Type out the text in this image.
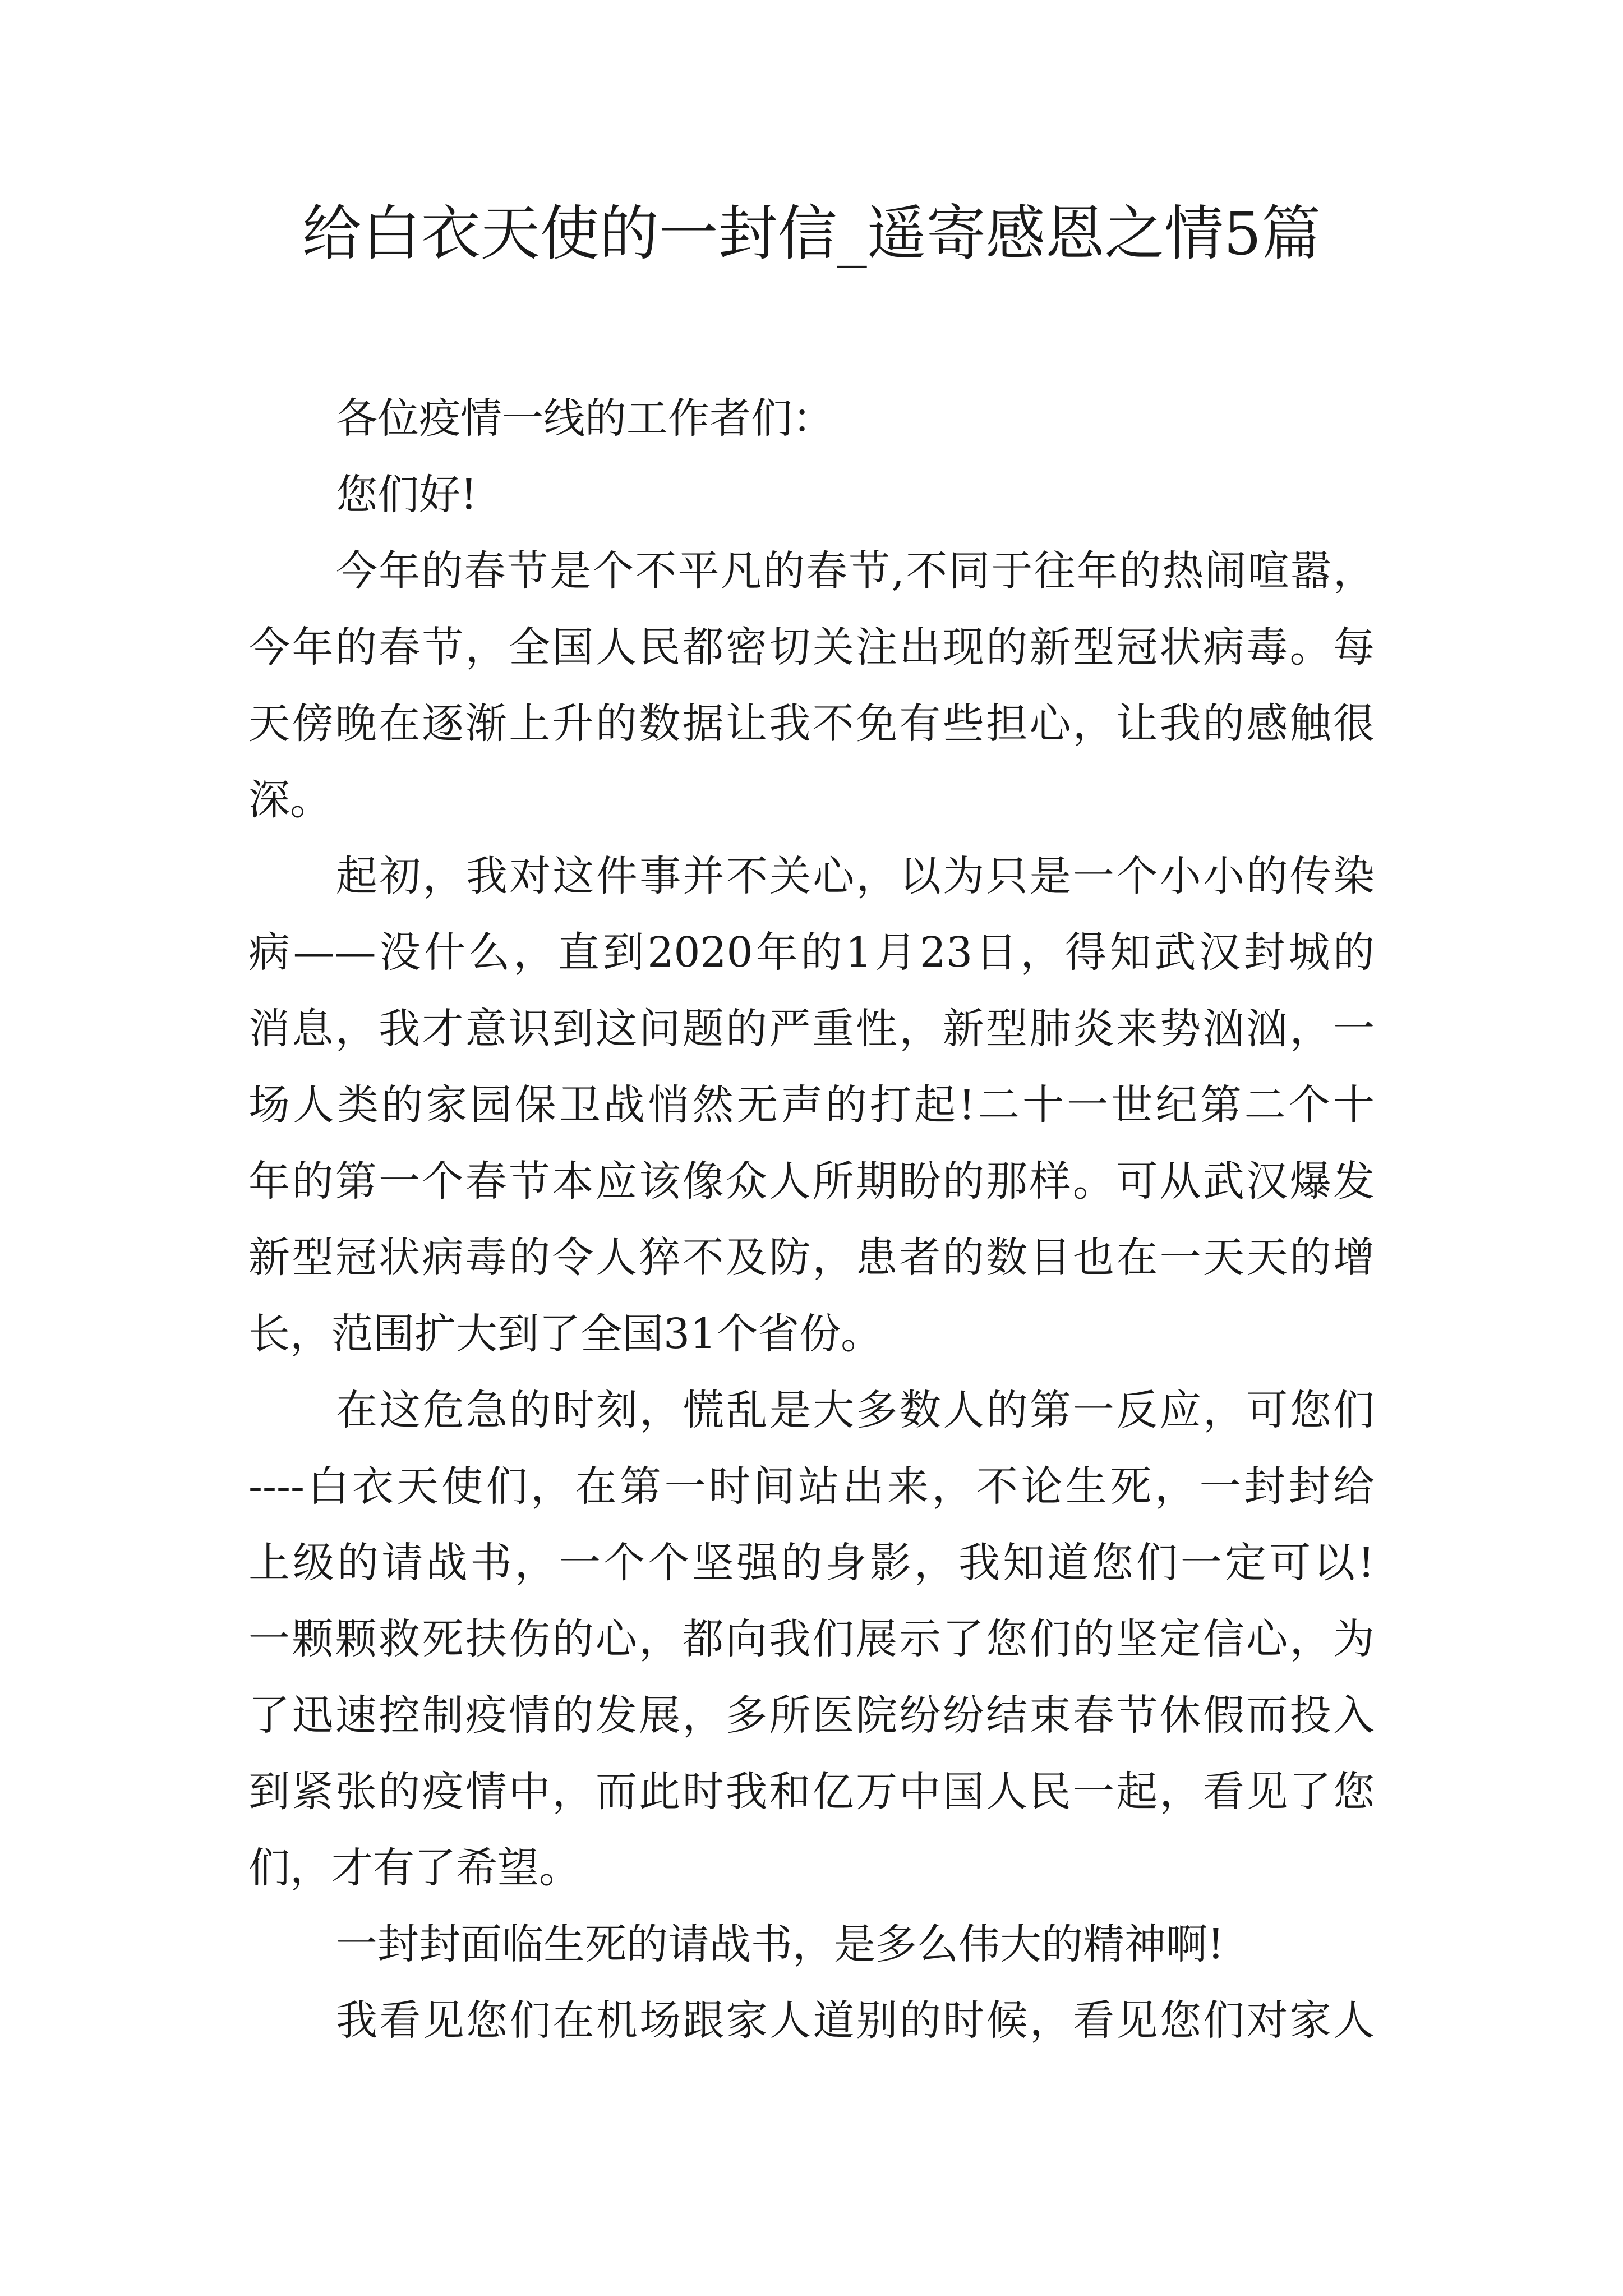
给白衣天使的一封信_遥寄感恩之情5篇
各位疫情一线的工作者们：
您们好!
今年的春节是个不平凡的春节,不同于往年的热闹喧嚣，
今年的春节，全国人民都密切关注出现的新型冠状病毒。每
天傍晚在逐渐上升的数据让我不免有些担心，让我的感触很
深。
起初，我对这件事并不关心，以为只是一个小小的传染
病——没什么，直到2020年的1月23日，得知武汉封城的
消息，我才意识到这问题的严重性，新型肺炎来势汹汹，一
场人类的家园保卫战悄然无声的打起!二十一世纪第二个十
年的第一个春节本应该像众人所期盼的那样。可从武汉爆发
新型冠状病毒的令人猝不及防，患者的数目也在一天天的增
长，范围扩大到了全国31个省份。
在这危急的时刻，慌乱是大多数人的第一反应，可您们
----白衣天使们，在第一时间站出来，不论生死，一封封给
上级的请战书，一个个坚强的身影，我知道您们一定可以!
一颗颗救死扶伤的心，都向我们展示了您们的坚定信心，为
了迅速控制疫情的发展，多所医院纷纷结束春节休假而投入
到紧张的疫情中，而此时我和亿万中国人民一起，看见了您
们，才有了希望。
一封封面临生死的请战书，是多么伟大的精神啊!
我看见您们在机场跟家人道别的时候，看见您们对家人
